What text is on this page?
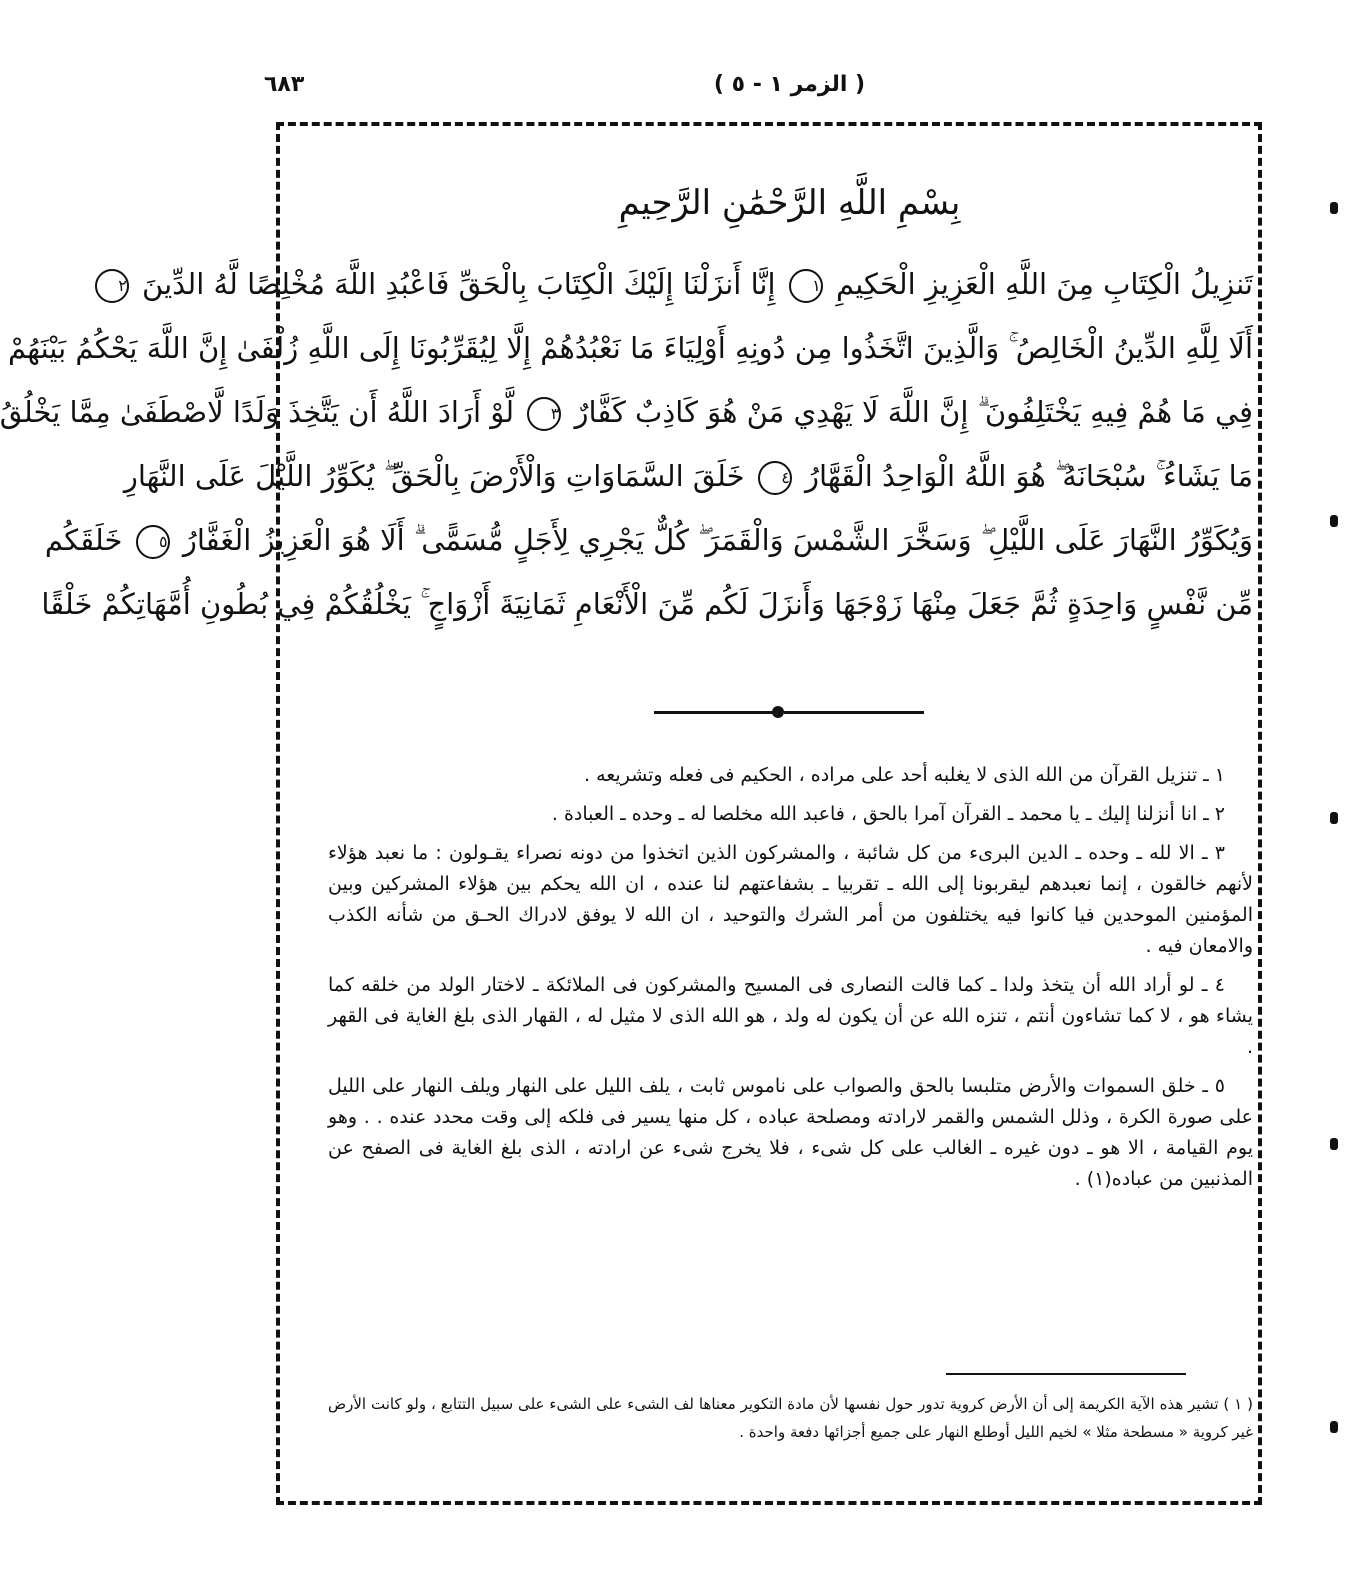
٦٨٣	( الزمر ١ - ٥ )
بِسْمِ اللَّهِ الرَّحْمَٰنِ الرَّحِيمِ
تَنزِيلُ الْكِتَابِ مِنَ اللَّهِ الْعَزِيزِ الْحَكِيمِ ١ إِنَّا أَنزَلْنَا إِلَيْكَ الْكِتَابَ بِالْحَقِّ فَاعْبُدِ اللَّهَ مُخْلِصًا لَّهُ الدِّينَ ٢
أَلَا لِلَّهِ الدِّينُ الْخَالِصُ ۚ وَالَّذِينَ اتَّخَذُوا مِن دُونِهِ أَوْلِيَاءَ مَا نَعْبُدُهُمْ إِلَّا لِيُقَرِّبُونَا إِلَى اللَّهِ زُلْفَىٰ إِنَّ اللَّهَ يَحْكُمُ بَيْنَهُمْ
فِي مَا هُمْ فِيهِ يَخْتَلِفُونَ ۗ إِنَّ اللَّهَ لَا يَهْدِي مَنْ هُوَ كَاذِبٌ كَفَّارٌ ٣ لَّوْ أَرَادَ اللَّهُ أَن يَتَّخِذَ وَلَدًا لَّاصْطَفَىٰ مِمَّا يَخْلُقُ
مَا يَشَاءُ ۚ سُبْحَانَهُ ۖ هُوَ اللَّهُ الْوَاحِدُ الْقَهَّارُ ٤ خَلَقَ السَّمَاوَاتِ وَالْأَرْضَ بِالْحَقِّ ۖ يُكَوِّرُ اللَّيْلَ عَلَى النَّهَارِ
وَيُكَوِّرُ النَّهَارَ عَلَى اللَّيْلِ ۖ وَسَخَّرَ الشَّمْسَ وَالْقَمَرَ ۖ كُلٌّ يَجْرِي لِأَجَلٍ مُّسَمًّى ۗ أَلَا هُوَ الْعَزِيزُ الْغَفَّارُ ٥ خَلَقَكُم
مِّن نَّفْسٍ وَاحِدَةٍ ثُمَّ جَعَلَ مِنْهَا زَوْجَهَا وَأَنزَلَ لَكُم مِّنَ الْأَنْعَامِ ثَمَانِيَةَ أَزْوَاجٍ ۚ يَخْلُقُكُمْ فِي بُطُونِ أُمَّهَاتِكُمْ خَلْقًا

١ ـ تنزيل القرآن من الله الذى لا يغلبه أحد على مراده ، الحكيم فى فعله وتشريعه .

٢ ـ انا أنزلنا إليك ـ يا محمد ـ القرآن آمرا بالحق ، فاعبد الله مخلصا له ـ وحده ـ العبادة .

٣ ـ الا لله ـ وحده ـ الدين البرىء من كل شائبة ، والمشركون الذين اتخذوا من دونه نصراء يقـولون : ما نعبد هؤلاء لأنهم خالقون ، إنما نعبدهم ليقربونا إلى الله ـ تقربيا ـ بشفاعتهم لنا عنده ، ان الله يحكم بين هؤلاء المشركين وبين المؤمنين الموحدين فيا كانوا فيه يختلفون من أمر الشرك والتوحيد ، ان الله لا يوفق لادراك الحـق من شأنه الكذب والامعان فيه .

٤ ـ لو أراد الله أن يتخذ ولدا ـ كما قالت النصارى فى المسيح والمشركون فى الملائكة ـ لاختار الولد من خلقه كما يشاء هو ، لا كما تشاءون أنتم ، تنزه الله عن أن يكون له ولد ، هو الله الذى لا مثيل له ، القهار الذى بلغ الغاية فى القهر .

٥ ـ خلق السموات والأرض متلبسا بالحق والصواب على ناموس ثابت ، يلف الليل على النهار ويلف النهار على الليل على صورة الكرة ، وذلل الشمس والقمر لارادته ومصلحة عباده ، كل منها يسير فى فلكه إلى وقت محدد عنده . . وهو يوم القيامة ، الا هو ـ دون غيره ـ الغالب على كل شىء ، فلا يخرج شىء عن ارادته ، الذى بلغ الغاية فى الصفح عن المذنبين من عباده(١) .

( ١ ) تشير هذه الآية الكريمة إلى أن الأرض كروية تدور حول نفسها لأن مادة التكوير معناها لف الشىء على الشىء على سبيل التتابع ، ولو كانت الأرض غير كروية « مسطحة مثلا » لخيم الليل أوطلع النهار على جميع أجزائها دفعة واحدة .
